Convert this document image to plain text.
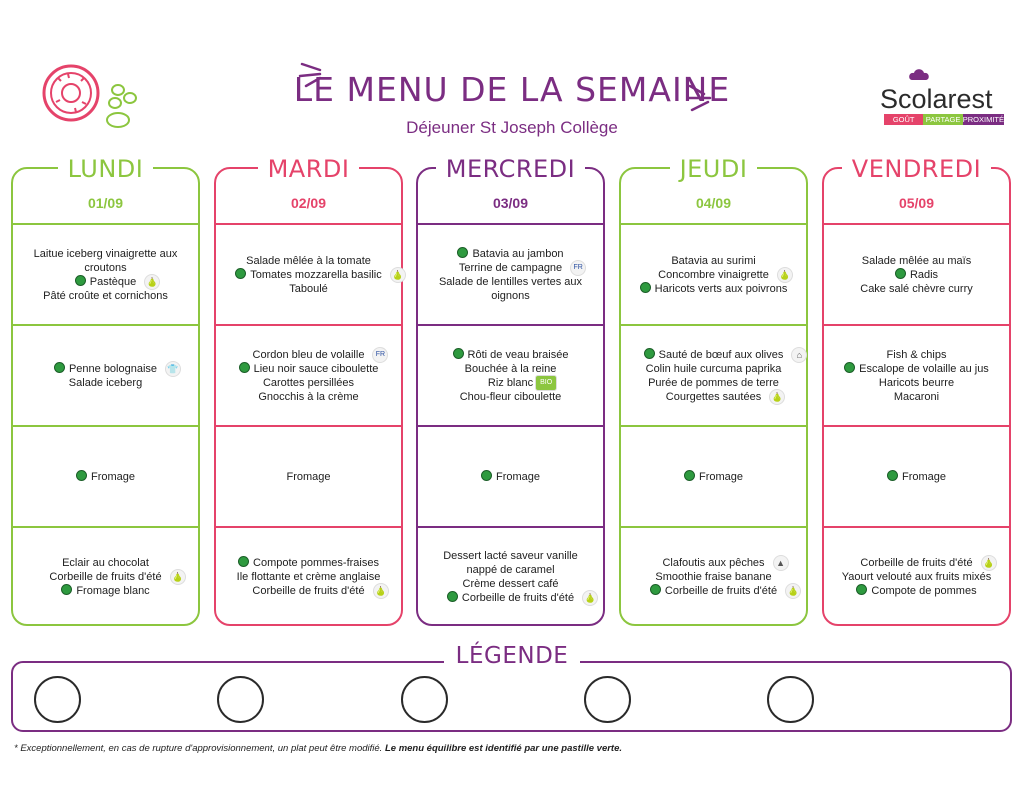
LE MENU DE LA SEMAINE
Déjeuner St Joseph Collège
Scolarest
GOÛT	PARTAGE PROXIMITÉ
LUNDI
01/09
Laitue iceberg vinaigrette aux croutons
Pastèque 🍐
Pâté croûte et cornichons
Penne bolognaise 👕
Salade iceberg
Fromage
Eclair au chocolat
Corbeille de fruits d'été 🍐
Fromage blanc
MARDI
02/09
Salade mêlée à la tomate
Tomates mozzarella basilic 🍐
Taboulé
Cordon bleu de volaille	FR
Lieu noir sauce ciboulette
Carottes persillées
Gnocchis à la crème
Fromage
Compote pommes-fraises
Ile flottante et crème anglaise
Corbeille de fruits d'été 🍐
MERCREDI
03/09
Batavia au jambon
Terrine de campagne	FR
Salade de lentilles vertes aux oignons
Rôti de veau braisée
Bouchée à la reine
Riz blanc BIO
Chou-fleur ciboulette
Fromage
Dessert lacté saveur vanille nappé de caramel
Crème dessert café
Corbeille de fruits d'été 🍐
JEUDI
04/09
Batavia au surimi
Concombre vinaigrette 🍐
Haricots verts aux poivrons
Sauté de bœuf aux olives	⌂
Colin huile curcuma paprika
Purée de pommes de terre
Courgettes sautées 🍐
Fromage
Clafoutis aux pêches	▲
Smoothie fraise banane
Corbeille de fruits d'été 🍐
VENDREDI
05/09
Salade mêlée au maïs
Radis
Cake salé chèvre curry
Fish & chips
Escalope de volaille au jus
Haricots beurre
Macaroni
Fromage
Corbeille de fruits d'été 🍐
Yaourt velouté aux fruits mixés
Compote de pommes
LÉGENDE
* Exceptionnellement, en cas de rupture d'approvisionnement, un plat peut être modifié. Le menu équilibre est identifié par une pastille verte.
